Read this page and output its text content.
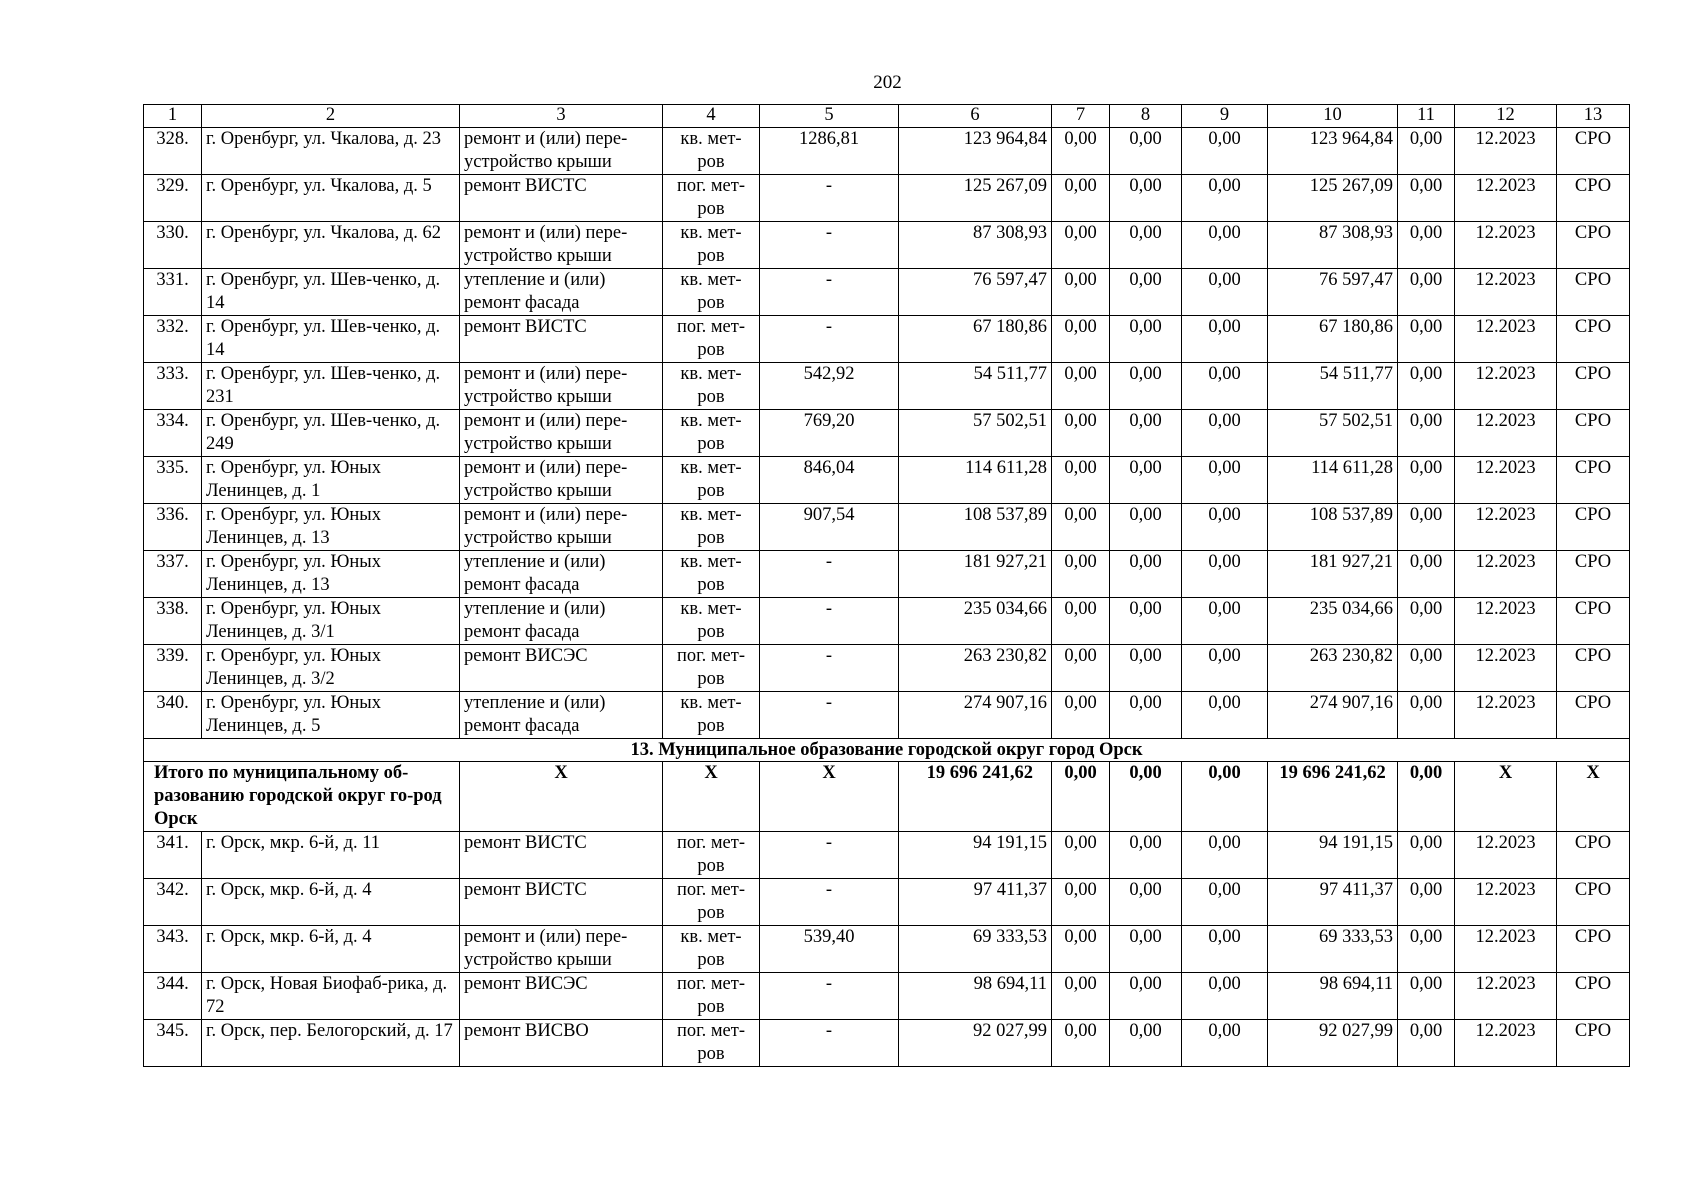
202
1	2	3	4	5	6	7	8	9	10	11	12	13
328.	г. Оренбург, ул. Чкалова, д. 23	ремонт и (или) пере-устройство крыши	кв. мет-ров	1286,81	123 964,84	0,00	0,00	0,00	123 964,84	0,00	12.2023	СРО
329.	г. Оренбург, ул. Чкалова, д. 5	ремонт ВИСТС	пог. мет-ров	-	125 267,09	0,00	0,00	0,00	125 267,09	0,00	12.2023	СРО
330.	г. Оренбург, ул. Чкалова, д. 62	ремонт и (или) пере-устройство крыши	кв. мет-ров	-	87 308,93	0,00	0,00	0,00	87 308,93	0,00	12.2023	СРО
331.	г. Оренбург, ул. Шев-ченко, д. 14	утепление и (или) ремонт фасада	кв. мет-ров	-	76 597,47	0,00	0,00	0,00	76 597,47	0,00	12.2023	СРО
332.	г. Оренбург, ул. Шев-ченко, д. 14	ремонт ВИСТС	пог. мет-ров	-	67 180,86	0,00	0,00	0,00	67 180,86	0,00	12.2023	СРО
333.	г. Оренбург, ул. Шев-ченко, д. 231	ремонт и (или) пере-устройство крыши	кв. мет-ров	542,92	54 511,77	0,00	0,00	0,00	54 511,77	0,00	12.2023	СРО
334.	г. Оренбург, ул. Шев-ченко, д. 249	ремонт и (или) пере-устройство крыши	кв. мет-ров	769,20	57 502,51	0,00	0,00	0,00	57 502,51	0,00	12.2023	СРО
335.	г. Оренбург, ул. Юных Ленинцев, д. 1	ремонт и (или) пере-устройство крыши	кв. мет-ров	846,04	114 611,28	0,00	0,00	0,00	114 611,28	0,00	12.2023	СРО
336.	г. Оренбург, ул. Юных Ленинцев, д. 13	ремонт и (или) пере-устройство крыши	кв. мет-ров	907,54	108 537,89	0,00	0,00	0,00	108 537,89	0,00	12.2023	СРО
337.	г. Оренбург, ул. Юных Ленинцев, д. 13	утепление и (или) ремонт фасада	кв. мет-ров	-	181 927,21	0,00	0,00	0,00	181 927,21	0,00	12.2023	СРО
338.	г. Оренбург, ул. Юных Ленинцев, д. 3/1	утепление и (или) ремонт фасада	кв. мет-ров	-	235 034,66	0,00	0,00	0,00	235 034,66	0,00	12.2023	СРО
339.	г. Оренбург, ул. Юных Ленинцев, д. 3/2	ремонт ВИСЭС	пог. мет-ров	-	263 230,82	0,00	0,00	0,00	263 230,82	0,00	12.2023	СРО
340.	г. Оренбург, ул. Юных Ленинцев, д. 5	утепление и (или) ремонт фасада	кв. мет-ров	-	274 907,16	0,00	0,00	0,00	274 907,16	0,00	12.2023	СРО
13. Муниципальное образование городской округ город Орск												
Итого по муниципальному об-разованию городской округ го-род Орск		X	X	X	19 696 241,62	0,00	0,00	0,00	19 696 241,62	0,00	X	X
341.	г. Орск, мкр. 6-й, д. 11	ремонт ВИСТС	пог. мет-ров	-	94 191,15	0,00	0,00	0,00	94 191,15	0,00	12.2023	СРО
342.	г. Орск, мкр. 6-й, д. 4	ремонт ВИСТС	пог. мет-ров	-	97 411,37	0,00	0,00	0,00	97 411,37	0,00	12.2023	СРО
343.	г. Орск, мкр. 6-й, д. 4	ремонт и (или) пере-устройство крыши	кв. мет-ров	539,40	69 333,53	0,00	0,00	0,00	69 333,53	0,00	12.2023	СРО
344.	г. Орск, Новая Биофаб-рика, д. 72	ремонт ВИСЭС	пог. мет-ров	-	98 694,11	0,00	0,00	0,00	98 694,11	0,00	12.2023	СРО
345.	г. Орск, пер. Белогорский, д. 17	ремонт ВИСВО	пог. мет-ров	-	92 027,99	0,00	0,00	0,00	92 027,99	0,00	12.2023	СРО
